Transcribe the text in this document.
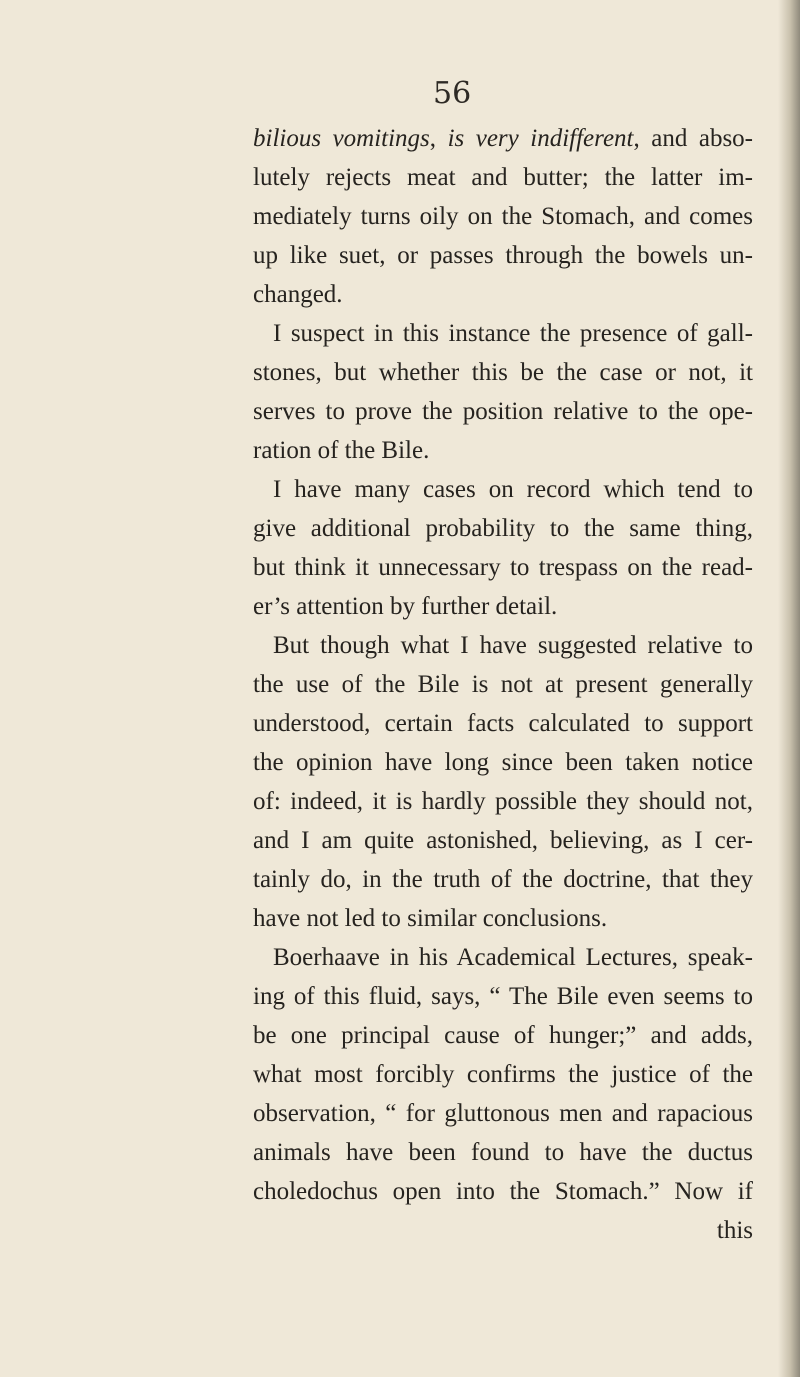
56

bilious vomitings, is very indifferent, and abso-
lutely rejects meat and butter; the latter im-
mediately turns oily on the Stomach, and comes
up like suet, or passes through the bowels un-
changed.
I suspect in this instance the presence of gall-
stones, but whether this be the case or not, it
serves to prove the position relative to the ope-
ration of the Bile.
I have many cases on record which tend to
give additional probability to the same thing,
but think it unnecessary to trespass on the read-
er’s attention by further detail.
But though what I have suggested relative to
the use of the Bile is not at present generally
understood, certain facts calculated to support
the opinion have long since been taken notice
of: indeed, it is hardly possible they should not,
and I am quite astonished, believing, as I cer-
tainly do, in the truth of the doctrine, that they
have not led to similar conclusions.
Boerhaave in his Academical Lectures, speak-
ing of this fluid, says, “ The Bile even seems to
be one principal cause of hunger;” and adds,
what most forcibly confirms the justice of the
observation, “ for gluttonous men and rapacious
animals have been found to have the ductus
choledochus open into the Stomach.” Now if
this
